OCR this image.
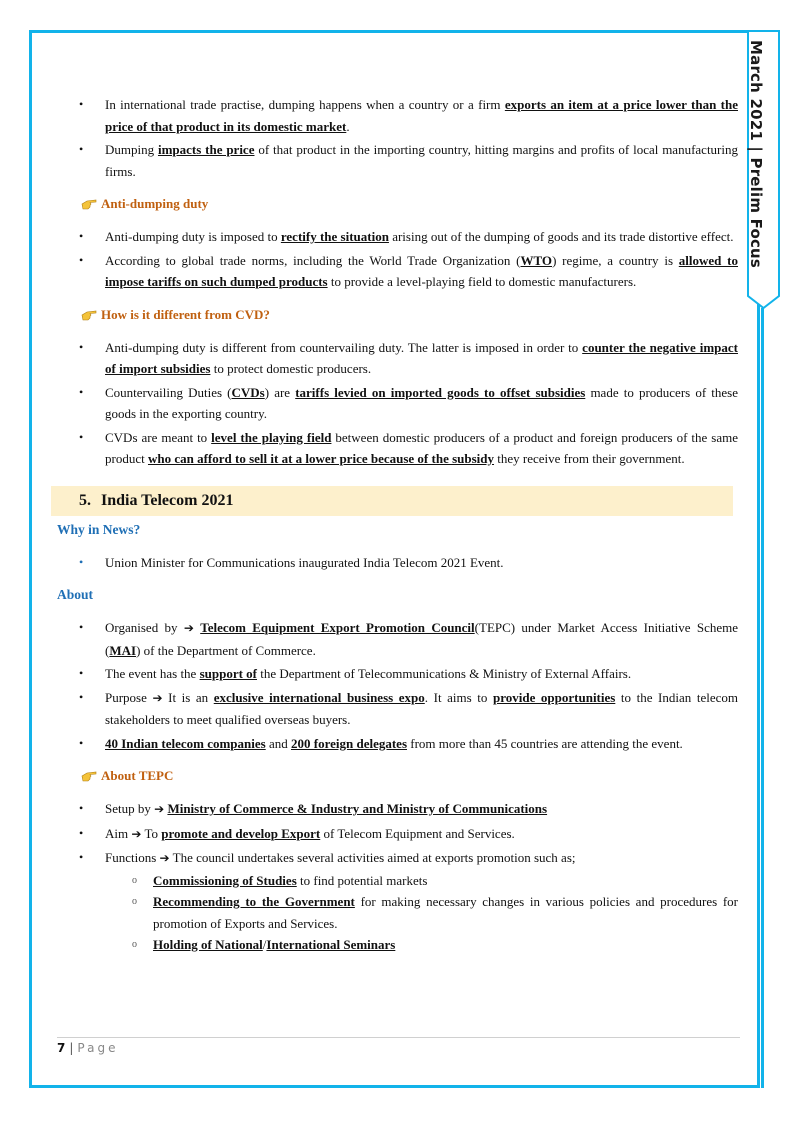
March 2021 | Prelim Focus
• In international trade practise, dumping happens when a country or a firm exports an item at a price lower than the price of that product in its domestic market.
• Dumping impacts the price of that product in the importing country, hitting margins and profits of local manufacturing firms.
Anti-dumping duty
• Anti-dumping duty is imposed to rectify the situation arising out of the dumping of goods and its trade distortive effect.
• According to global trade norms, including the World Trade Organization (WTO) regime, a country is allowed to impose tariffs on such dumped products to provide a level-playing field to domestic manufacturers.
How is it different from CVD?
• Anti-dumping duty is different from countervailing duty. The latter is imposed in order to counter the negative impact of import subsidies to protect domestic producers.
• Countervailing Duties (CVDs) are tariffs levied on imported goods to offset subsidies made to producers of these goods in the exporting country.
• CVDs are meant to level the playing field between domestic producers of a product and foreign producers of the same product who can afford to sell it at a lower price because of the subsidy they receive from their government.
5. India Telecom 2021
Why in News?
• Union Minister for Communications inaugurated India Telecom 2021 Event.
About
• Organised by ➔ Telecom Equipment Export Promotion Council(TEPC) under Market Access Initiative Scheme (MAI) of the Department of Commerce.
• The event has the support of the Department of Telecommunications & Ministry of External Affairs.
• Purpose ➔ It is an exclusive international business expo. It aims to provide opportunities to the Indian telecom stakeholders to meet qualified overseas buyers.
• 40 Indian telecom companies and 200 foreign delegates from more than 45 countries are attending the event.
About TEPC
• Setup by ➔ Ministry of Commerce & Industry and Ministry of Communications
• Aim ➔ To promote and develop Export of Telecom Equipment and Services.
• Functions ➔ The council undertakes several activities aimed at exports promotion such as;
o Commissioning of Studies to find potential markets
o Recommending to the Government for making necessary changes in various policies and procedures for promotion of Exports and Services.
o Holding of National/International Seminars
7 | Page
